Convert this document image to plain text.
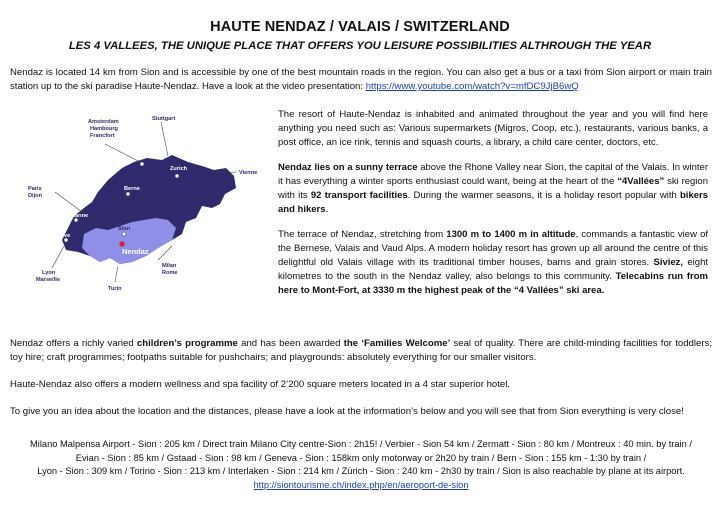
HAUTE NENDAZ / VALAIS / SWITZERLAND
LES 4 VALLEES, THE UNIQUE PLACE THAT OFFERS YOU LEISURE POSSIBILITIES ALTHROUGH THE YEAR
Nendaz is located 14 km from Sion and is accessible by one of the best mountain roads in the region. You can also get a bus or a taxi from Sion airport or main train station up to the ski paradise Haute-Nendaz. Have a look at the video presentation: https://www.youtube.com/watch?v=mfDC9JjB6wQ
Amsterdam
Hambourg
Francfort
Stuttgart
Bâle
Zurich
Vienne
Paris
Dijon
Berne
Lausanne
Geneve
Sion
Nendaz
Lyon
Marseille
Milan
Rome
Turin

The resort of Haute-Nendaz is inhabited and animated throughout the year and you will find here anything you need such as: Various supermarkets (Migros, Coop, etc.), restaurants, various banks, a post office, an ice rink, tennis and squash courts, a library, a child care center, doctors, etc.

Nendaz lies on a sunny terrace above the Rhone Valley near Sion, the capital of the Valais. In winter it has everything a winter sports enthusiast could want, being at the heart of the “4Vallées” ski region with its 92 transport facilities. During the warmer seasons, it is a holiday resort popular with bikers and hikers.

The terrace of Nendaz, stretching from 1300 m to 1400 m in altitude, commands a fantastic view of the Bernese, Valais and Vaud Alps. A modern holiday resort has grown up all around the centre of this delightful old Valais village with its traditional timber houses, barns and grain stores. Siviez, eight kilometres to the south in the Nendaz valley, also belongs to this community. Telecabins run from here to Mont-Fort, at 3330 m the highest peak of the “4 Vallées” ski area.

Nendaz offers a richly varied children’s programme and has been awarded the ‘Families Welcome’ seal of quality. There are child-minding facilities for toddlers; toy hire; craft programmes; footpaths suitable for pushchairs; and playgrounds: absolutely everything for our smaller visitors.

Haute-Nendaz also offers a modern wellness and spa facility of 2’200 square meters located in a 4 star superior hotel.

To give you an idea about the location and the distances, please have a look at the information’s below and you will see that from Sion everything is very close!

Milano Malpensa Airport - Sion : 205 km / Direct train Milano City centre-Sion : 2h15! / Verbier - Sion 54 km / Zermatt - Sion : 80 km / Montreux : 40 min. by train /
Evian - Sion : 85 km / Gstaad - Sion : 98 km / Geneva - Sion : 158km only motorway or 2h20 by train / Bern - Sion : 155 km - 1:30 by train /
Lyon - Sion : 309 km / Torino - Sion : 213 km / Interlaken - Sion : 214 km / Zürich - Sion : 240 km - 2h30 by train / Sion is also reachable by plane at its airport.
http://siontourisme.ch/index.php/en/aeroport-de-sion
